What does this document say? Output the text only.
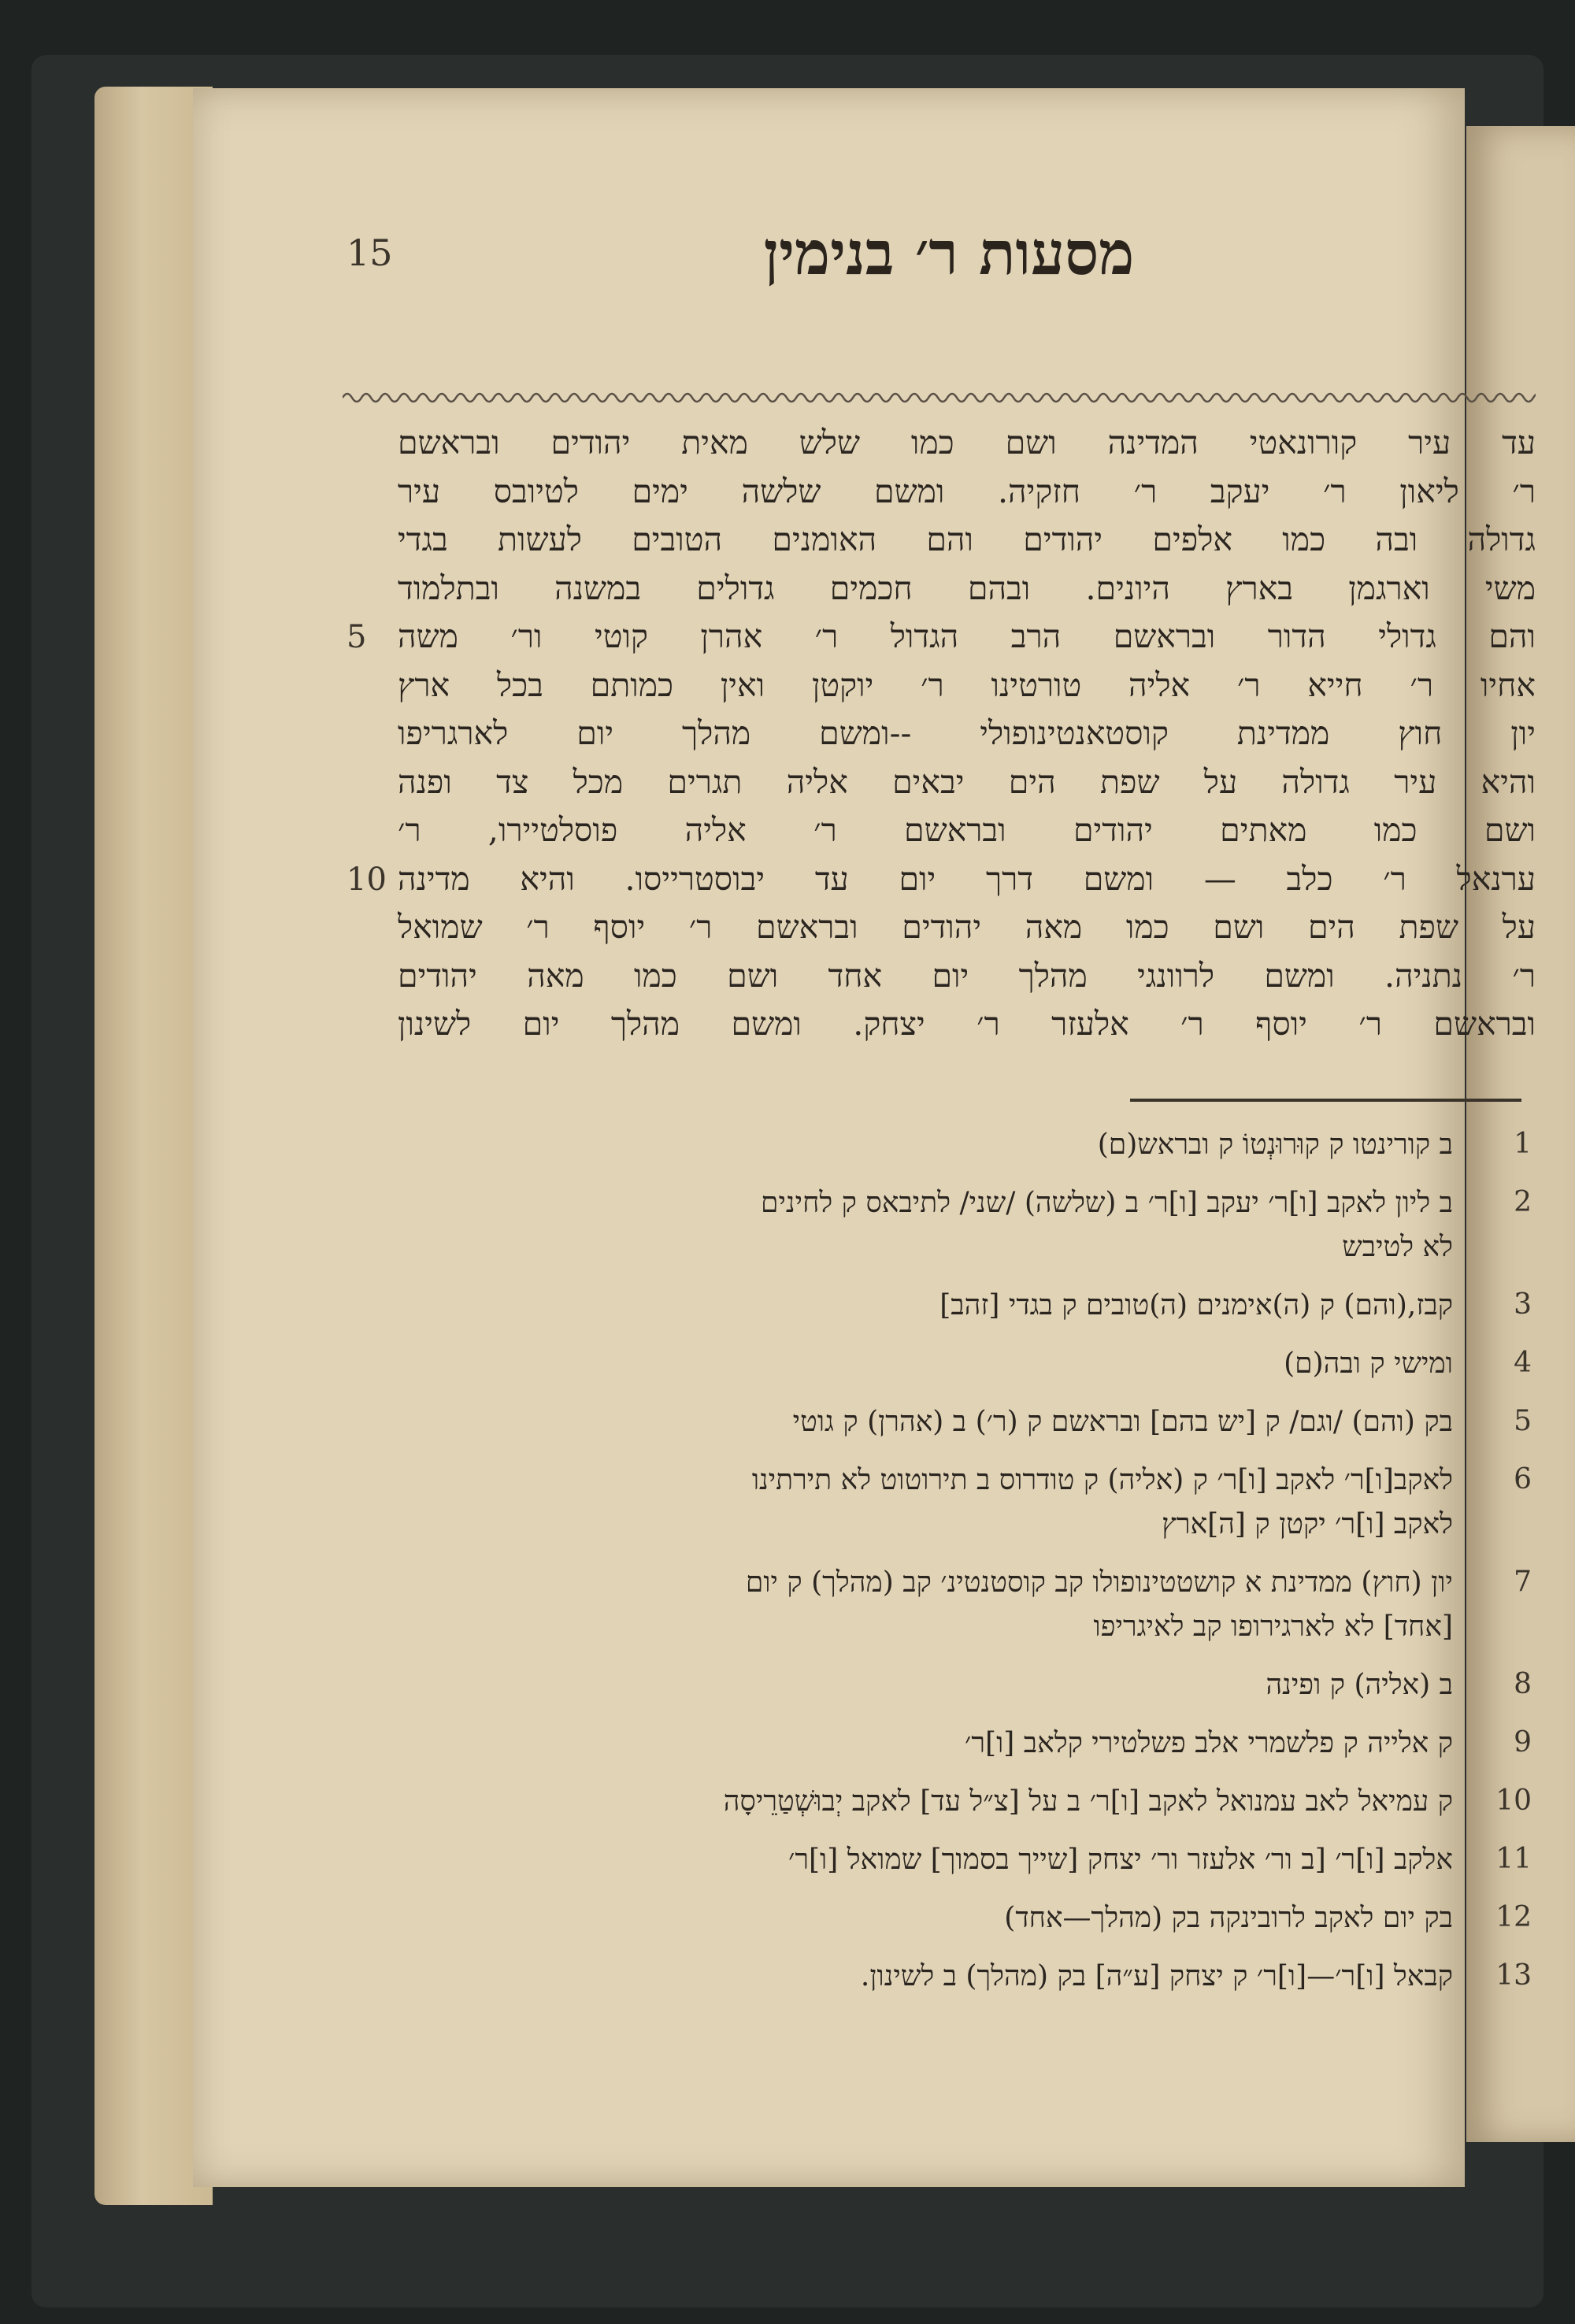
15	מסעות ר׳ בנימין
עד עיר קורונאטי המדינה ושם כמו שלש מאית יהודים ובראשם
ר׳ ליאון ר׳ יעקב ר׳ חזקיה. ומשם שלשה ימים לטיובס עיר
גדולה ובה כמו אלפים יהודים והם האומנים הטובים לעשות בגדי
משי וארגמן בארץ היונים. ובהם חכמים גדולים במשנה ובתלמוד
והם גדולי הדור ובראשם הרב הגדול ר׳ אהרן קוטי ור׳ משה
אחיו ר׳ חייא ר׳ אליה טורטינו ר׳ יוקטן ואין כמותם בכל ארץ
יון חוץ ממדינת קוסטאנטינופולי --ומשם מהלך יום לארגריפו
והיא עיר גדולה על שפת הים יבאים אליה תגרים מכל צד ופנה
ושם כמו מאתים יהודים ובראשם ר׳ אליה פוסלטיירו, ר׳
ערנאל ר׳ כלב — ומשם דרך יום עד יבוסטרייסו. והיא מדינה
על שפת הים ושם כמו מאה יהודים ובראשם ר׳ יוסף ר׳ שמואל
ר׳ נתניה. ומשם לרוונגי מהלך יום אחד ושם כמו מאה יהודים
ובראשם ר׳ יוסף ר׳ אלעזר ר׳ יצחק. ומשם מהלך יום לשינון
5
10
1
ב קורינטו ק קוּרוּנְטוֹ ק ובראש(ם)
2
ב ליון לאקב [ו]ר׳ יעקב [ו]ר׳ ב (שלשה) /שני/ לתיבאס ק לחינים
לא לטיבש
3
קבז,(והם) ק (ה)אימנים (ה)טובים ק בגדי [זהב]
4
ומישי ק ובה(ם)
5
בק (והם) /וגם/ ק [יש בהם] ובראשם ק (ר׳) ב (אהרן) ק גוטי
6
לאקב[ו]ר׳ לאקב [ו]ר׳ ק (אליה) ק טודרוס ב תירוטוט לא תירתינו
לאקב [ו]ר׳ יקטן ק [ה]ארץ
7
יון (חוץ) ממדינת א קושטטינופולו קב קוסטנטינ׳ קב (מהלך) ק יום
[אחד] לא לארגירופו קב לאיגריפו
8
ב (אליה) ק ופינה
9
ק אלייה ק פלשמרי אלב פשלטירי קלאב [ו]ר׳
10
ק עמיאל לאב עמנואל לאקב [ו]ר׳ ב על [צ״ל עד] לאקב יְבוּשְׁטַרֵיסָה
11
אלקב [ו]ר׳ [ב ור׳ אלעזר ור׳ יצחק [שייך בסמוך] שמואל [ו]ר׳
12
בק יום לאקב לרובינקה בק (מהלך—אחד)
13
קבאל [ו]ר׳—[ו]ר׳ ק יצחק [ע״ה] בק (מהלך) ב לשינון.
